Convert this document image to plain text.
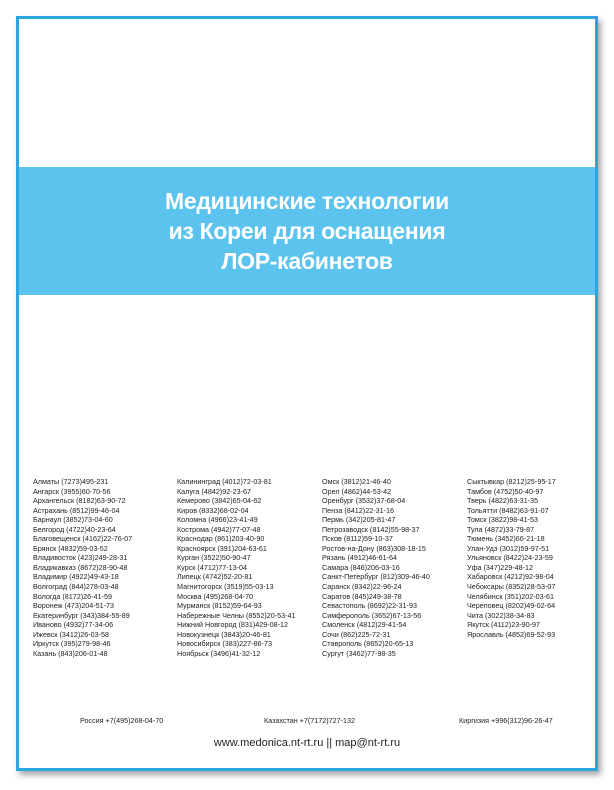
Медицинские технологии
из Кореи для оснащения
ЛОР-кабинетов
Алматы (7273)495-231
Ангарск (3955)60-70-56
Архангельск (8182)63-90-72
Астрахань (8512)99-46-04
Барнаул (3852)73-04-60
Белгород (4722)40-23-64
Благовещенск (4162)22-76-07
Брянск (4832)59-03-52
Владивосток (423)249-28-31
Владикавказ (8672)28-90-48
Владимир (4922)49-43-18
Волгоград (844)278-03-48
Вологда (8172)26-41-59
Воронеж (473)204-51-73
Екатеринбург (343)384-55-89
Иваново (4932)77-34-06
Ижевск (3412)26-03-58
Иркутск (395)279-98-46
Казань (843)206-01-48
Калининград (4012)72-03-81
Калуга (4842)92-23-67
Кемерово (3842)65-04-62
Киров (8332)68-02-04
Коломна (4966)23-41-49
Кострома (4942)77-07-48
Краснодар (861)203-40-90
Красноярск (391)204-63-61
Курган (3522)50-90-47
Курск (4712)77-13-04
Липецк (4742)52-20-81
Магнитогорск (3519)55-03-13
Москва (495)268-04-70
Мурманск (8152)59-64-93
Набережные Челны (8552)20-53-41
Нижний Новгород (831)429-08-12
Новокузнецк (3843)20-46-81
Новосибирск (383)227-86-73
Ноябрьск (3496)41-32-12
Омск (3812)21-46-40
Орел (4862)44-53-42
Оренбург (3532)37-68-04
Пенза (8412)22-31-16
Пермь (342)205-81-47
Петрозаводск (8142)55-98-37
Псков (8112)59-10-37
Ростов-на-Дону (863)308-18-15
Рязань (4912)46-61-64
Самара (846)206-03-16
Санкт-Петербург (812)309-46-40
Саранск (8342)22-96-24
Саратов (845)249-38-78
Севастополь (8692)22-31-93
Симферополь (3652)67-13-56
Смоленск (4812)29-41-54
Сочи (862)225-72-31
Ставрополь (8652)20-65-13
Сургут (3462)77-98-35
Сыктывкар (8212)25-95-17
Тамбов (4752)50-40-97
Тверь (4822)63-31-35
Тольятти (8482)63-91-07
Томск (3822)98-41-53
Тула (4872)33-79-87
Тюмень (3452)66-21-18
Улан-Удэ (3012)59-97-51
Ульяновск (8422)24-23-59
Уфа (347)229-48-12
Хабаровск (4212)92-98-04
Чебоксары (8352)28-53-07
Челябинск (351)202-03-61
Череповец (8202)49-02-64
Чита (3022)38-34-83
Якутск (4112)23-90-97
Ярославль (4852)69-52-93
Россия +7(495)268-04-70	Казахстан +7(7172)727-132	Киргизия +996(312)96-26-47
www.medonica.nt-rt.ru || map@nt-rt.ru
